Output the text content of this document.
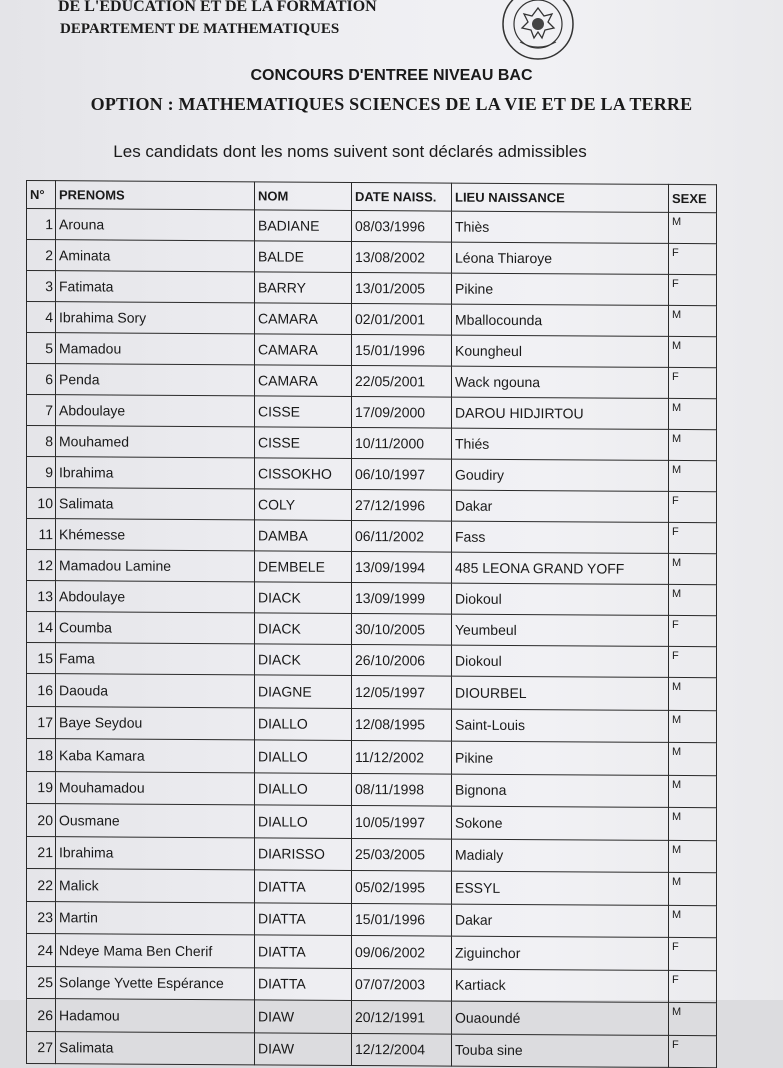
DE L'EDUCATION ET DE LA FORMATION
DEPARTEMENT DE MATHEMATIQUES
CONCOURS D'ENTREE NIVEAU BAC
OPTION : MATHEMATIQUES SCIENCES DE LA VIE ET DE LA TERRE
Les candidats dont les noms suivent sont déclarés admissibles
N°	PRENOMS	NOM	DATE NAISS.	LIEU NAISSANCE	SEXE
1	Arouna	BADIANE	08/03/1996	Thiès	M
2	Aminata	BALDE	13/08/2002	Léona Thiaroye	F
3	Fatimata	BARRY	13/01/2005	Pikine	F
4	Ibrahima Sory	CAMARA	02/01/2001	Mballocounda	M
5	Mamadou	CAMARA	15/01/1996	Koungheul	M
6	Penda	CAMARA	22/05/2001	Wack ngouna	F
7	Abdoulaye	CISSE	17/09/2000	DAROU HIDJIRTOU	M
8	Mouhamed	CISSE	10/11/2000	Thiés	M
9	Ibrahima	CISSOKHO	06/10/1997	Goudiry	M
10	Salimata	COLY	27/12/1996	Dakar	F
11	Khémesse	DAMBA	06/11/2002	Fass	F
12	Mamadou Lamine	DEMBELE	13/09/1994	485 LEONA GRAND YOFF	M
13	Abdoulaye	DIACK	13/09/1999	Diokoul	M
14	Coumba	DIACK	30/10/2005	Yeumbeul	F
15	Fama	DIACK	26/10/2006	Diokoul	F
16	Daouda	DIAGNE	12/05/1997	DIOURBEL	M
17	Baye Seydou	DIALLO	12/08/1995	Saint-Louis	M
18	Kaba Kamara	DIALLO	11/12/2002	Pikine	M
19	Mouhamadou	DIALLO	08/11/1998	Bignona	M
20	Ousmane	DIALLO	10/05/1997	Sokone	M
21	Ibrahima	DIARISSO	25/03/2005	Madialy	M
22	Malick	DIATTA	05/02/1995	ESSYL	M
23	Martin	DIATTA	15/01/1996	Dakar	M
24	Ndeye Mama Ben Cherif	DIATTA	09/06/2002	Ziguinchor	F
25	Solange Yvette Espérance	DIATTA	07/07/2003	Kartiack	F
26	Hadamou	DIAW	20/12/1991	Ouaoundé	M
27	Salimata	DIAW	12/12/2004	Touba sine	F
